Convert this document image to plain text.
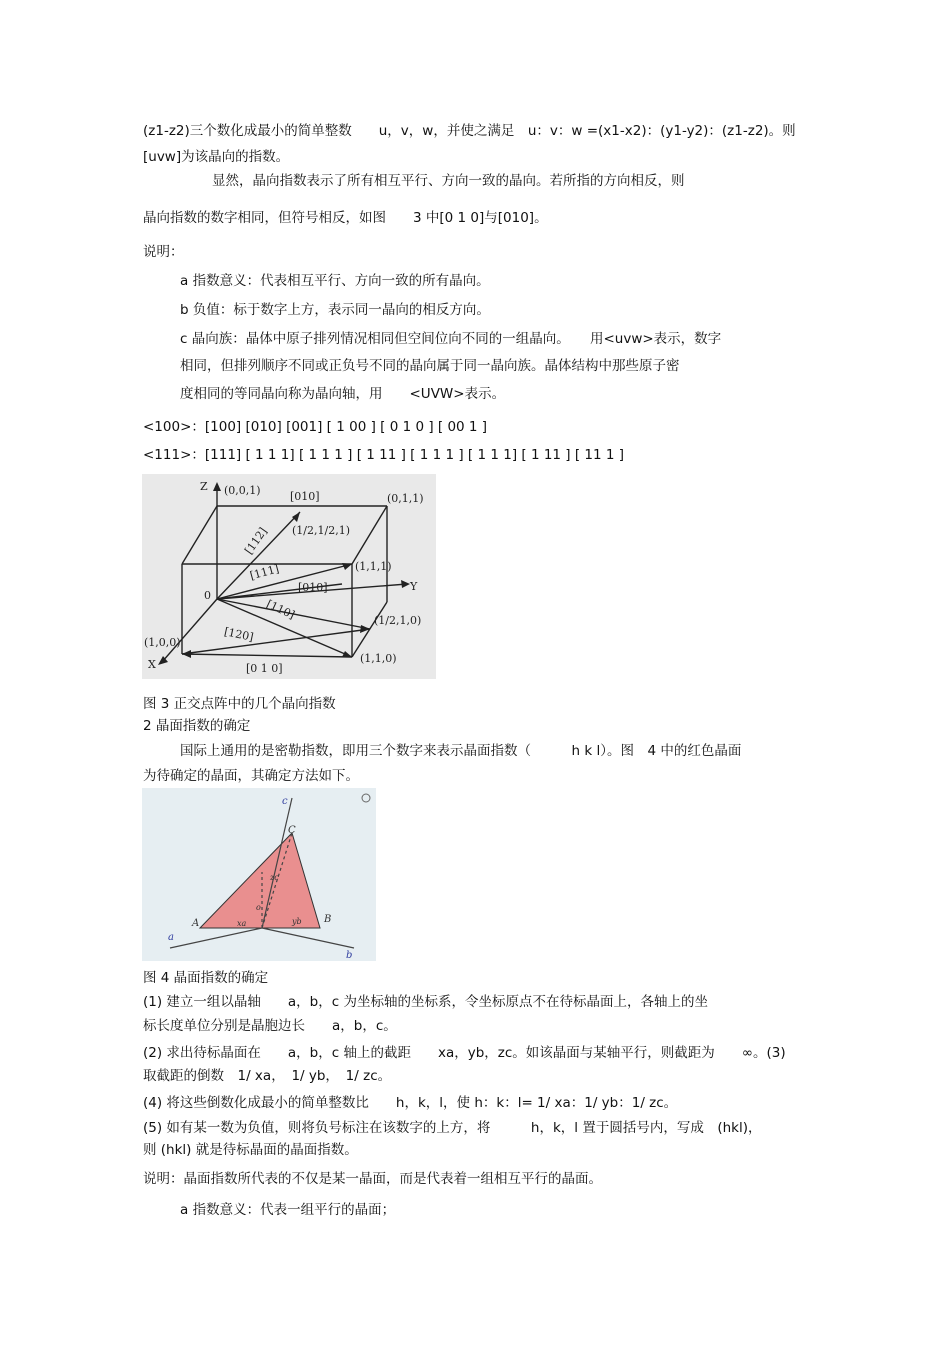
(z1-z2)三个数化成最小的简单整数　　u，v，w，并使之满足　u：v：w =(x1-x2)：(y1-y2)：(z1-z2)。则
[uvw]为该晶向的指数。
显然，晶向指数表示了所有相互平行、方向一致的晶向。若所指的方向相反，则
晶向指数的数字相同，但符号相反，如图　　3 中[0 1 0]与[010]。
说明：
a 指数意义：代表相互平行、方向一致的所有晶向。
b 负值：标于数字上方，表示同一晶向的相反方向。
c 晶向族：晶体中原子排列情况相同但空间位向不同的一组晶向。　　用<uvw>表示，数字
相同，但排列顺序不同或正负号不同的晶向属于同一晶向族。晶体结构中那些原子密
度相同的等同晶向称为晶向轴，用　　<UVW>表示。
<100>：[100] [010] [001] [ 1 00 ] [ 0 1 0 ] [ 00 1 ]
<111>：[111] [ 1 1 1] [ 1 1 1 ] [ 1 11 ] [ 1 1 1 ] [ 1 1 1] [ 1 11 ] [ 11 1 ]
Z
Y
X
0
(0,0,1)
(0,1,1)
(1,1,1)
(1,0,0)
(1,1,0)
(1/2,1,0)
(1/2,1/2,1)
[010]
[112]
[111]
[010]
[110]
[120]
[0 1 0]
图 3 正交点阵中的几个晶向指数
2 晶面指数的确定
国际上通用的是密勒指数，即用三个数字来表示晶面指数（　　　h k l）。图　4 中的红色晶面
为待确定的晶面，其确定方法如下。
c
C
A	B
a
b
zc
xa	yb
o
图 4 晶面指数的确定
(1) 建立一组以晶轴　　a，b，c 为坐标轴的坐标系，令坐标原点不在待标晶面上，各轴上的坐
标长度单位分别是晶胞边长　　a，b，c。
(2) 求出待标晶面在　　a，b，c 轴上的截距　　xa，yb，zc。如该晶面与某轴平行，则截距为　　∞。(3)
取截距的倒数　1/ xa，　1/ yb，　1/ zc。
(4) 将这些倒数化成最小的简单整数比　　h，k，l，使 h：k：l= 1/ xa：1/ yb：1/ zc。
(5) 如有某一数为负值，则将负号标注在该数字的上方，将　　　h，k，l 置于圆括号内，写成　(hkl)，
则 (hkl) 就是待标晶面的晶面指数。
说明：晶面指数所代表的不仅是某一晶面，而是代表着一组相互平行的晶面。
a 指数意义：代表一组平行的晶面；
